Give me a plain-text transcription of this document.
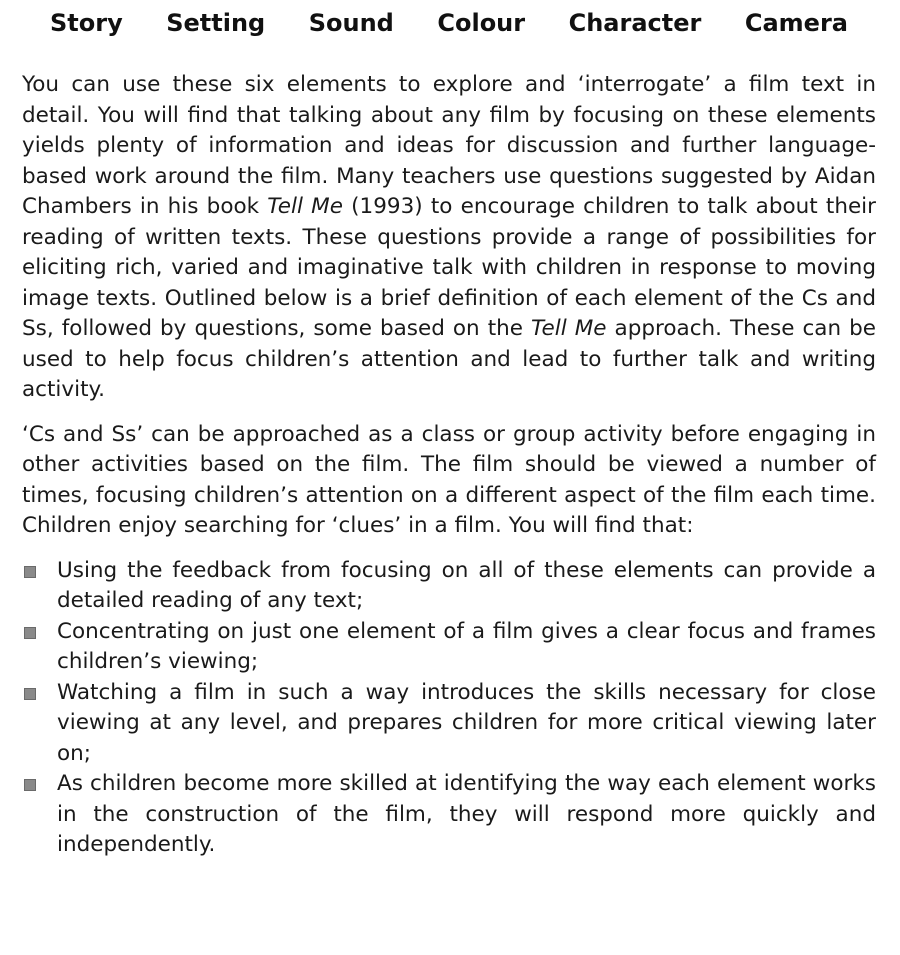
Story Setting Sound Colour Character Camera

You can use these six elements to explore and ‘interrogate’ a film text in detail. You will find that talking about any film by focusing on these elements yields plenty of information and ideas for discussion and further language-based work around the film. Many teachers use questions suggested by Aidan Chambers in his book Tell Me (1993) to encourage children to talk about their reading of written texts. These questions provide a range of possibilities for eliciting rich, varied and imaginative talk with children in response to moving image texts. Outlined below is a brief definition of each element of the Cs and Ss, followed by questions, some based on the Tell Me approach. These can be used to help focus children’s attention and lead to further talk and writing activity.

‘Cs and Ss’ can be approached as a class or group activity before engaging in other activities based on the film. The film should be viewed a number of times, focusing children’s attention on a different aspect of the film each time. Children enjoy searching for ‘clues’ in a film. You will find that:

Using the feedback from focusing on all of these elements can provide a detailed reading of any text;
Concentrating on just one element of a film gives a clear focus and frames children’s viewing;
Watching a film in such a way introduces the skills necessary for close viewing at any level, and prepares children for more critical viewing later on;
As children become more skilled at identifying the way each element works in the construction of the film, they will respond more quickly and independently.
